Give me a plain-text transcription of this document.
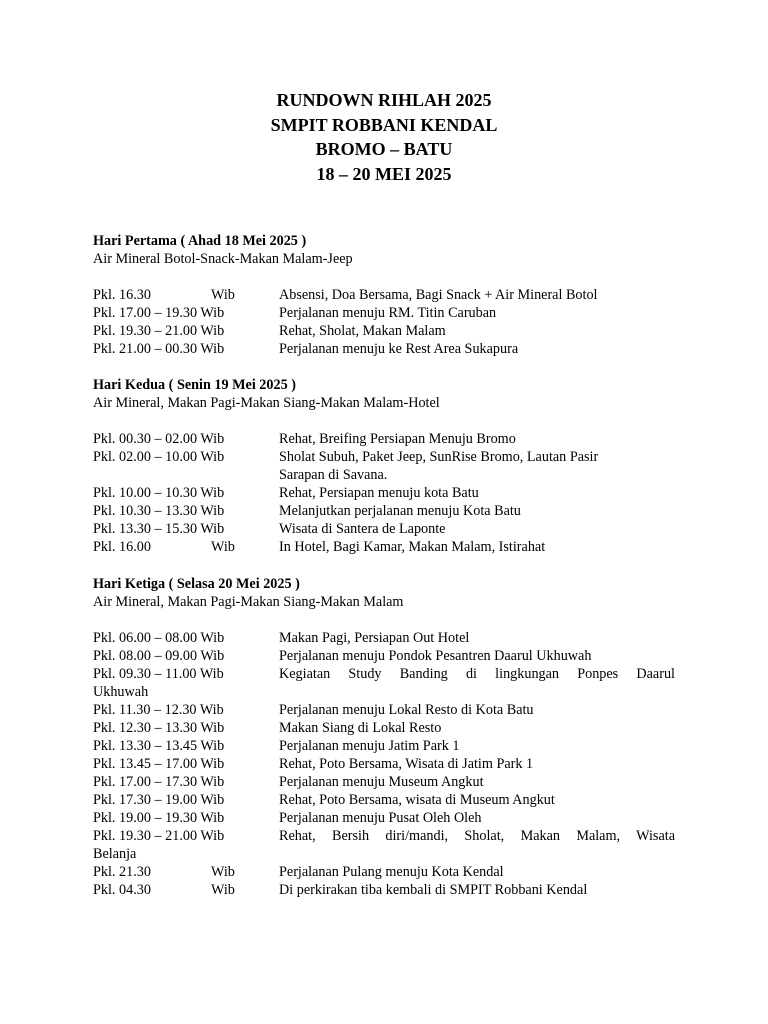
RUNDOWN RIHLAH 2025
SMPIT ROBBANI KENDAL
BROMO – BATU
18 – 20 MEI 2025
Hari Pertama ( Ahad 18 Mei 2025 )
Air Mineral Botol-Snack-Makan Malam-Jeep
Pkl. 16.30	Wib	Absensi, Doa Bersama, Bagi Snack + Air Mineral Botol
Pkl. 17.00 – 19.30 Wib	Perjalanan menuju RM. Titin Caruban
Pkl. 19.30 – 21.00 Wib	Rehat, Sholat, Makan Malam
Pkl. 21.00 – 00.30 Wib	Perjalanan menuju ke Rest Area Sukapura
Hari Kedua ( Senin 19 Mei 2025 )
Air Mineral, Makan Pagi-Makan Siang-Makan Malam-Hotel
Pkl. 00.30 – 02.00 Wib	Rehat, Breifing Persiapan Menuju Bromo
Pkl. 02.00 – 10.00 Wib	Sholat Subuh, Paket Jeep, SunRise Bromo, Lautan Pasir
Sarapan di Savana.
Pkl. 10.00 – 10.30 Wib	Rehat, Persiapan menuju kota Batu
Pkl. 10.30 – 13.30 Wib	Melanjutkan perjalanan menuju Kota Batu
Pkl. 13.30 – 15.30 Wib	Wisata di Santera de Laponte
Pkl. 16.00	Wib	In Hotel, Bagi Kamar, Makan Malam, Istirahat
Hari Ketiga ( Selasa 20 Mei 2025 )
Air Mineral, Makan Pagi-Makan Siang-Makan Malam
Pkl. 06.00 – 08.00 Wib	Makan Pagi, Persiapan Out Hotel
Pkl. 08.00 – 09.00 Wib	Perjalanan menuju Pondok Pesantren Daarul Ukhuwah
Pkl. 09.30 – 11.00 Wib	Kegiatan Study Banding di lingkungan Ponpes Daarul
Ukhuwah
Pkl. 11.30 – 12.30 Wib	Perjalanan menuju Lokal Resto di Kota Batu
Pkl. 12.30 – 13.30 Wib	Makan Siang di Lokal Resto
Pkl. 13.30 – 13.45 Wib	Perjalanan menuju Jatim Park 1
Pkl. 13.45 – 17.00 Wib	Rehat, Poto Bersama, Wisata di Jatim Park 1
Pkl. 17.00 – 17.30 Wib	Perjalanan menuju Museum Angkut
Pkl. 17.30 – 19.00 Wib	Rehat, Poto Bersama, wisata di Museum Angkut
Pkl. 19.00 – 19.30 Wib	Perjalanan menuju Pusat Oleh Oleh
Pkl. 19.30 – 21.00 Wib	Rehat, Bersih diri/mandi, Sholat, Makan Malam, Wisata
Belanja
Pkl. 21.30	Wib	Perjalanan Pulang menuju Kota Kendal
Pkl. 04.30	Wib	Di perkirakan tiba kembali di SMPIT Robbani Kendal
